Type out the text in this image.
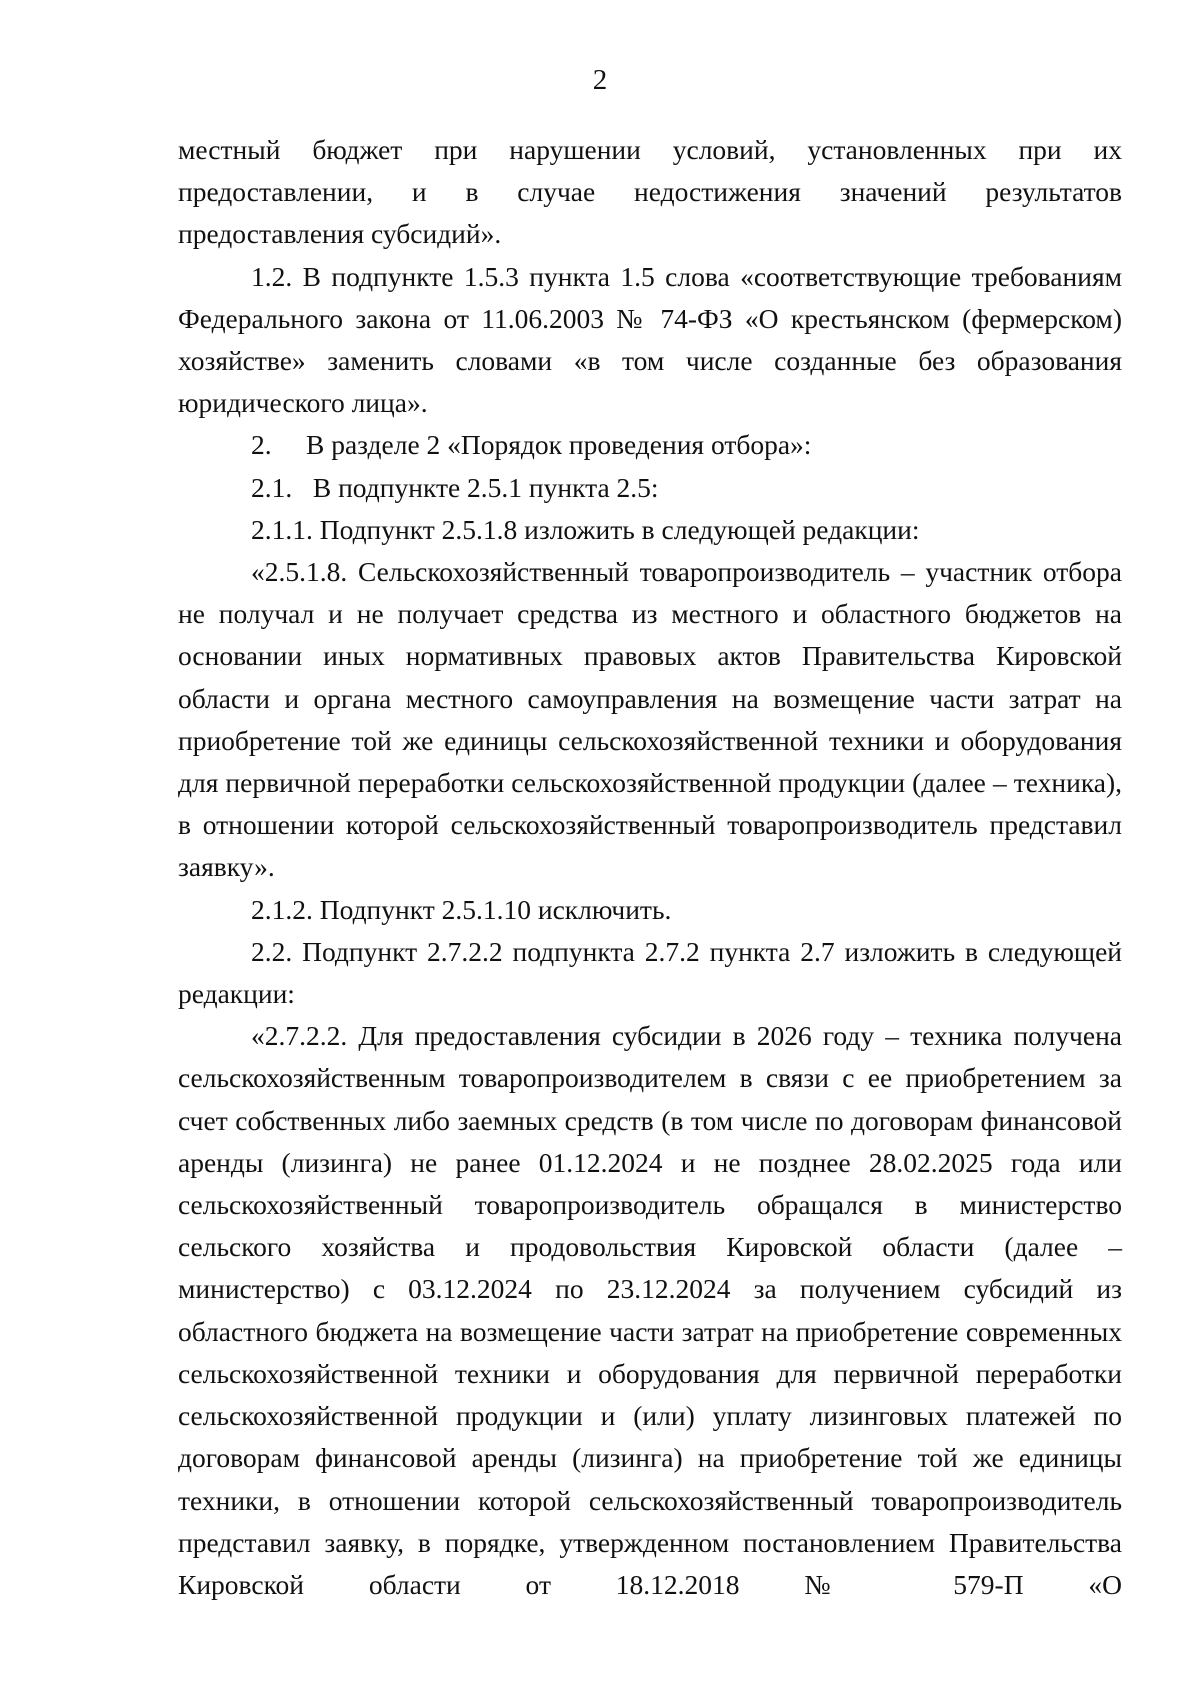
2

местный бюджет при нарушении условий, установленных при их предоставлении, и в случае недостижения значений результатов предоставления субсидий».

1.2. В подпункте 1.5.3 пункта 1.5 слова «соответствующие требованиям Федерального закона от 11.06.2003 № 74-ФЗ «О крестьянском (фермерском) хозяйстве» заменить словами «в том числе созданные без образования юридического лица».

2.     В разделе 2 «Порядок проведения отбора»:

2.1.   В подпункте 2.5.1 пункта 2.5:

2.1.1. Подпункт 2.5.1.8 изложить в следующей редакции:

«2.5.1.8. Сельскохозяйственный товаропроизводитель – участник отбора не получал и не получает средства из местного и областного бюджетов на основании иных нормативных правовых актов Правительства Кировской области и органа местного самоуправления на возмещение части затрат на приобретение той же единицы сельскохозяйственной техники и оборудования для первичной переработки сельскохозяйственной продукции (далее – техника), в отношении которой сельскохозяйственный товаропроизводитель представил заявку».

2.1.2. Подпункт 2.5.1.10 исключить.

2.2. Подпункт 2.7.2.2 подпункта 2.7.2 пункта 2.7 изложить в следующей редакции:

«2.7.2.2. Для предоставления субсидии в 2026 году – техника получена сельскохозяйственным товаропроизводителем в связи с ее приобретением за счет собственных либо заемных средств (в том числе по договорам финансовой аренды (лизинга) не ранее 01.12.2024 и не позднее 28.02.2025 года или сельскохозяйственный товаропроизводитель обращался в министерство сельского хозяйства и продовольствия Кировской области (далее – министерство) с 03.12.2024 по 23.12.2024 за получением субсидий из областного бюджета на возмещение части затрат на приобретение современных сельскохозяйственной техники и оборудования для первичной переработки сельскохозяйственной продукции и (или) уплату лизинговых платежей по договорам финансовой аренды (лизинга) на приобретение той же единицы техники, в отношении которой сельскохозяйственный товаропроизводитель представил заявку, в порядке, утвержденном постановлением Правительства Кировской области от 18.12.2018 № 579-П «О
